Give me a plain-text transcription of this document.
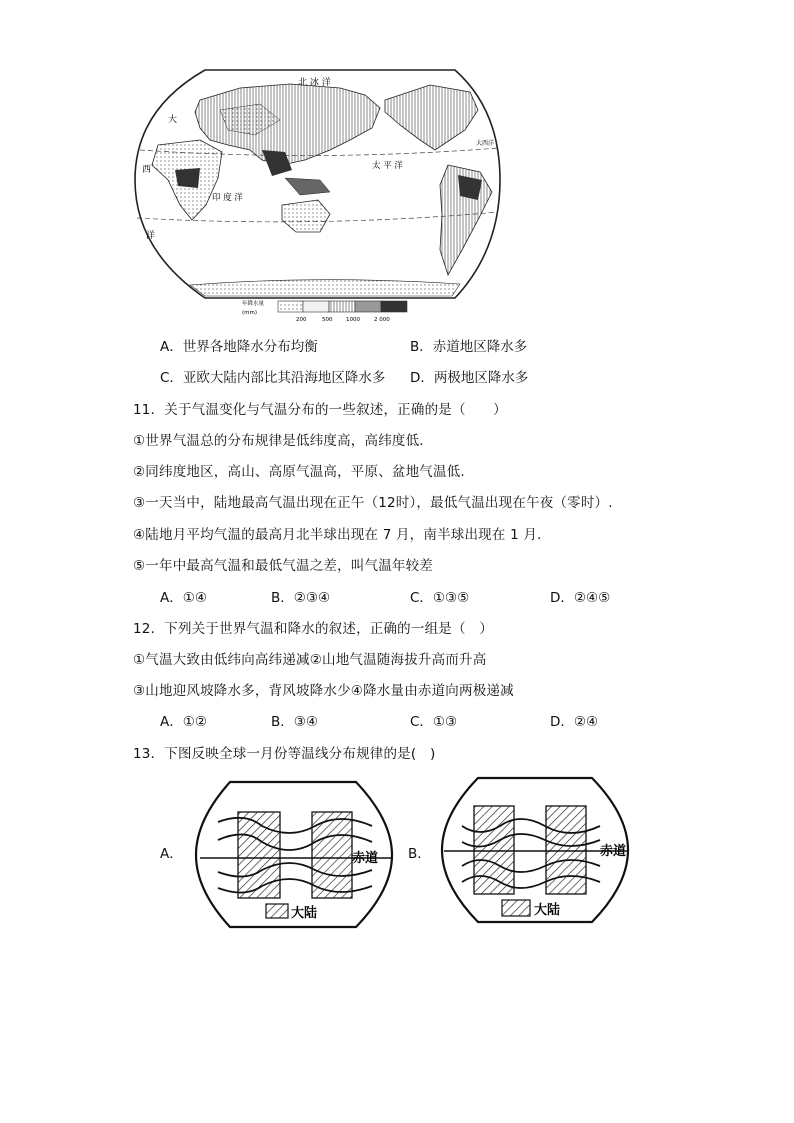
北 冰 洋
太 平 洋
印 度 洋
大
西
洋
大西洋
年降水量
(mm)
200	500 1000	2 000
大陆
赤道
大陆
赤道
A．世界各地降水分布均衡	B．赤道地区降水多
C．亚欧大陆内部比其沿海地区降水多 D．两极地区降水多
11．关于气温变化与气温分布的一些叙述，正确的是（　　）
①世界气温总的分布规律是低纬度高，高纬度低.
②同纬度地区，高山、高原气温高，平原、盆地气温低.
③一天当中，陆地最高气温出现在正午（12时），最低气温出现在午夜（零时）.
④陆地月平均气温的最高月北半球出现在 7 月，南半球出现在 1 月.
⑤一年中最高气温和最低气温之差，叫气温年较差
A．①④	B．②③④	C．①③⑤	D．②④⑤
12．下列关于世界气温和降水的叙述，正确的一组是（　）
①气温大致由低纬向高纬递减②山地气温随海拔升高而升高
③山地迎风坡降水多，背风坡降水少④降水量由赤道向两极递减
A．①②	B．③④	C．①③	D．②④
13．下图反映全球一月份等温线分布规律的是(　)
A．	B．
